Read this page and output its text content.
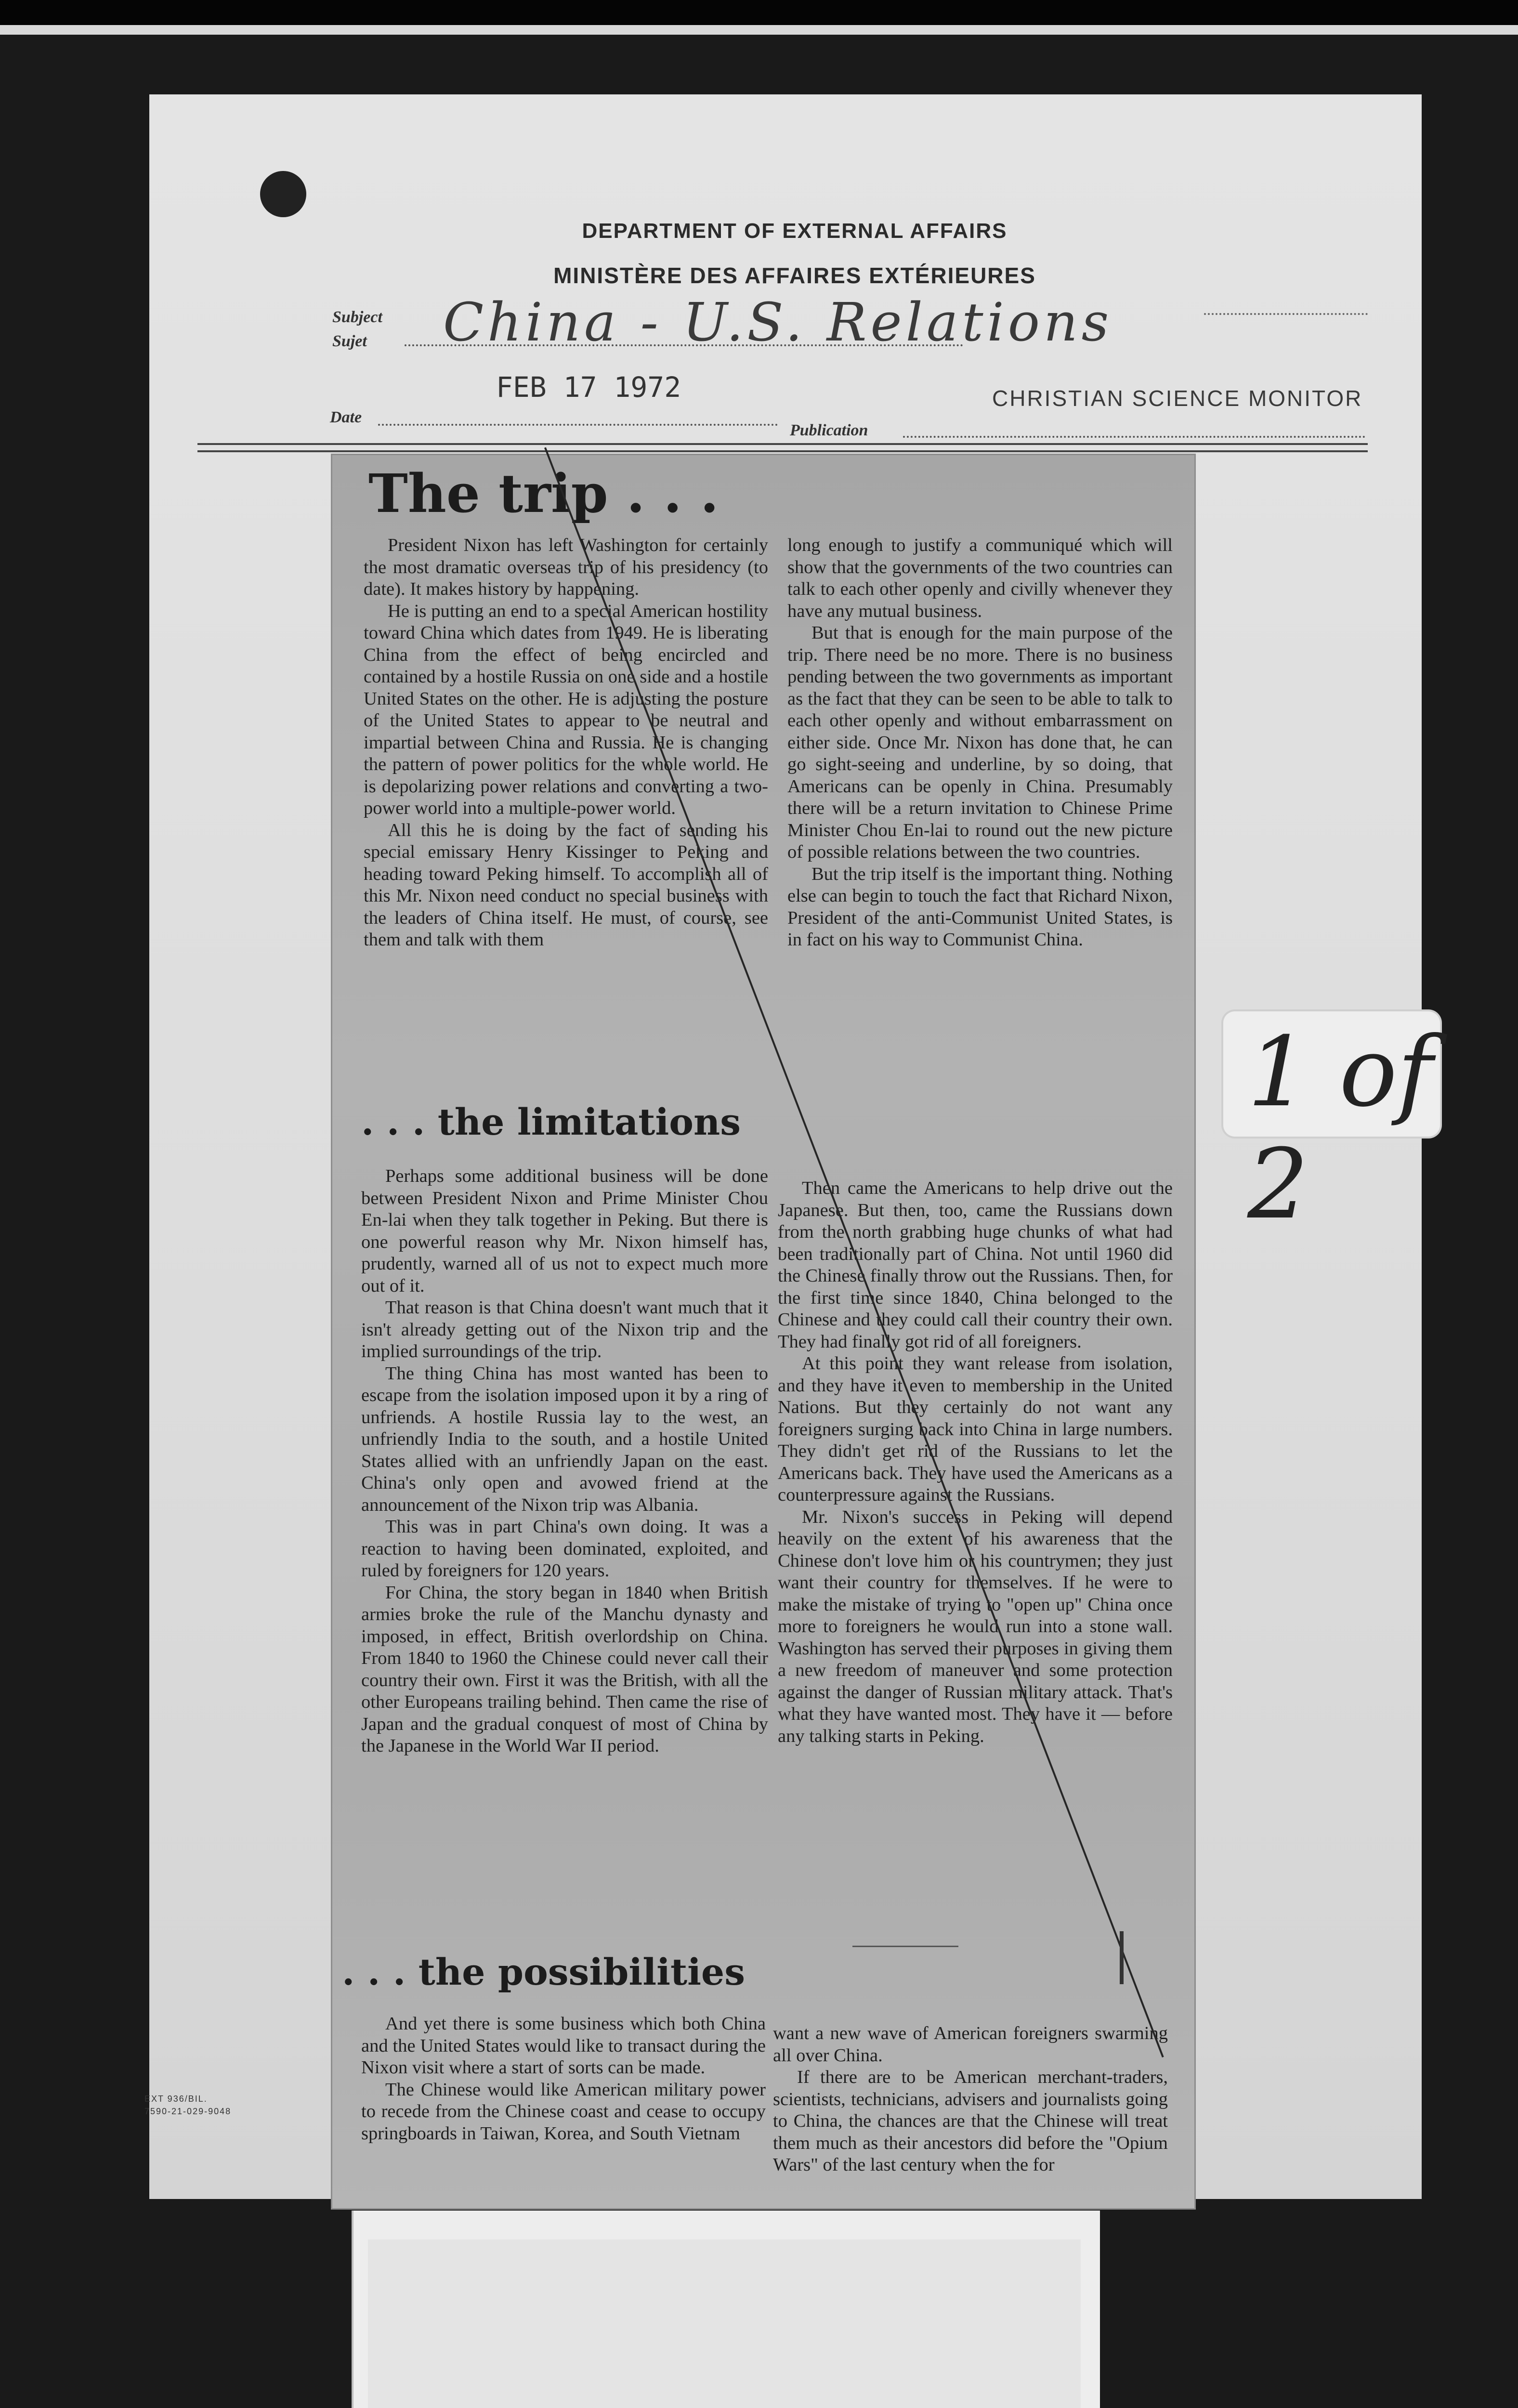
DEPARTMENT OF EXTERNAL AFFAIRS
MINISTÈRE DES AFFAIRES EXTÉRIEURES
Subject
Sujet China - U.S. Relations
FEB 17 1972	CHRISTIAN SCIENCE MONITOR
Date
Publication
EXT 936/BIL.
7590-21-029-9048
The trip . . .

President Nixon has left Washington for certainly the most dramatic overseas trip of his presidency (to date). It makes history by happening.

He is putting an end to a special American hostility toward China which dates from 1949. He is liberating China from the effect of being encircled and contained by a hostile Russia on one side and a hostile United States on the other. He is adjusting the posture of the United States to appear to be neutral and impartial between China and Russia. He is changing the pattern of power politics for the whole world. He is depolarizing power relations and converting a two-power world into a multiple-power world.

All this he is doing by the fact of sending his special emissary Henry Kissinger to Peking and heading toward Peking himself. To accomplish all of this Mr. Nixon need conduct no special business with the leaders of China itself. He must, of course, see them and talk with them

long enough to justify a communiqué which will show that the governments of the two countries can talk to each other openly and civilly whenever they have any mutual business.

But that is enough for the main purpose of the trip. There need be no more. There is no business pending between the two governments as important as the fact that they can be seen to be able to talk to each other openly and without embarrassment on either side. Once Mr. Nixon has done that, he can go sight-seeing and underline, by so doing, that Americans can be openly in China. Presumably there will be a return invitation to Chinese Prime Minister Chou En-lai to round out the new picture of possible relations between the two countries.

But the trip itself is the important thing. Nothing else can begin to touch the fact that Richard Nixon, President of the anti-Communist United States, is in fact on his way to Communist China.

. . . the limitations

Perhaps some additional business will be done between President Nixon and Prime Minister Chou En-lai when they talk together in Peking. But there is one powerful reason why Mr. Nixon himself has, prudently, warned all of us not to expect much more out of it.

That reason is that China doesn't want much that it isn't already getting out of the Nixon trip and the implied surroundings of the trip.

The thing China has most wanted has been to escape from the isolation imposed upon it by a ring of unfriends. A hostile Russia lay to the west, an unfriendly India to the south, and a hostile United States allied with an unfriendly Japan on the east. China's only open and avowed friend at the announcement of the Nixon trip was Albania.

This was in part China's own doing. It was a reaction to having been dominated, exploited, and ruled by foreigners for 120 years.

For China, the story began in 1840 when British armies broke the rule of the Manchu dynasty and imposed, in effect, British overlordship on China. From 1840 to 1960 the Chinese could never call their country their own. First it was the British, with all the other Europeans trailing behind. Then came the rise of Japan and the gradual conquest of most of China by the Japanese in the World War II period.

Then came the Americans to help drive out the Japanese. But then, too, came the Russians down from the north grabbing huge chunks of what had been traditionally part of China. Not until 1960 did the Chinese finally throw out the Russians. Then, for the first time since 1840, China belonged to the Chinese and they could call their country their own. They had finally got rid of all foreigners.

At this point they want release from isolation, and they have it even to membership in the United Nations. But they certainly do not want any foreigners surging back into China in large numbers. They didn't get rid of the Russians to let the Americans back. They have used the Americans as a counterpressure against the Russians.

Mr. Nixon's success in Peking will depend heavily on the extent of his awareness that the Chinese don't love him or his countrymen; they just want their country for themselves. If he were to make the mistake of trying to "open up" China once more to foreigners he would run into a stone wall. Washington has served their purposes in giving them a new freedom of maneuver and some protection against the danger of Russian military attack. That's what they have wanted most. They have it — before any talking starts in Peking.

. . . the possibilities

And yet there is some business which both China and the United States would like to transact during the Nixon visit where a start of sorts can be made.

The Chinese would like American military power to recede from the Chinese coast and cease to occupy springboards in Taiwan, Korea, and South Vietnam

want a new wave of American foreigners swarming all over China.

If there are to be American merchant-traders, scientists, technicians, advisers and journalists going to China, the chances are that the Chinese will treat them much as their ancestors did before the "Opium Wars" of the last century when the for

1 of 2
